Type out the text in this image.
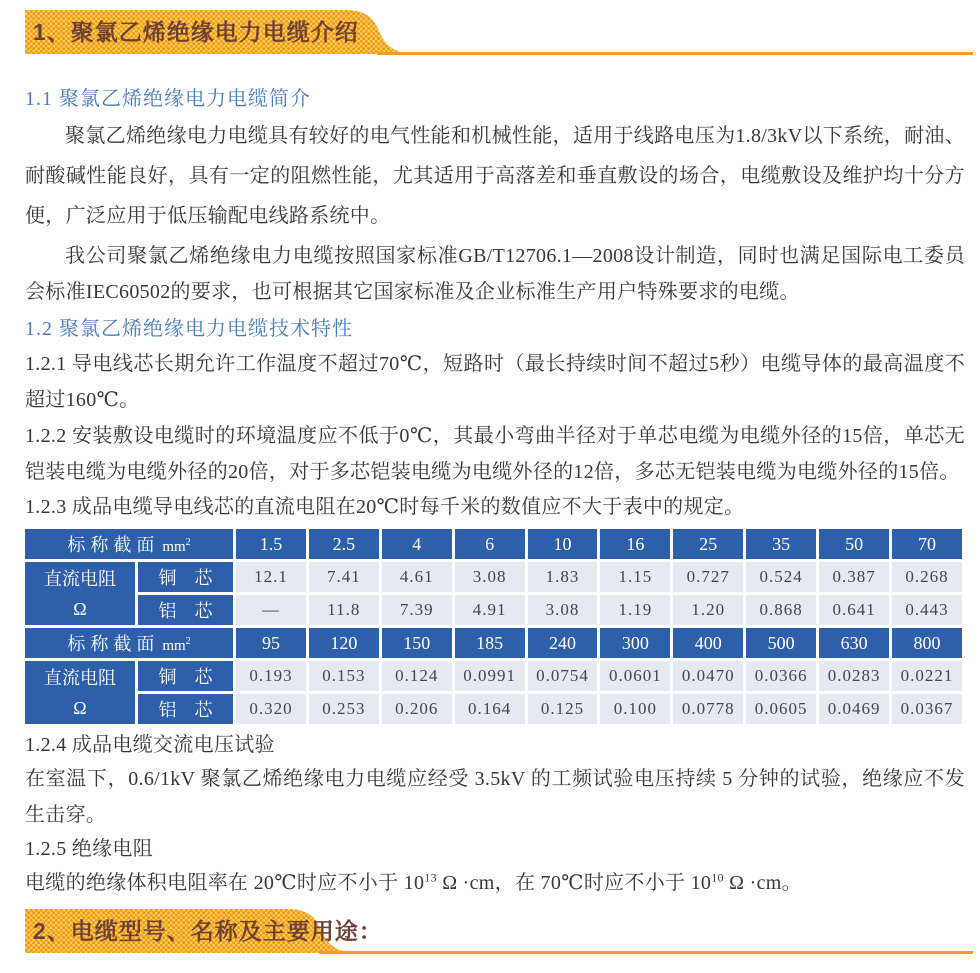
1、聚氯乙烯绝缘电力电缆介绍
1.1 聚氯乙烯绝缘电力电缆简介

聚氯乙烯绝缘电力电缆具有较好的电气性能和机械性能，适用于线路电压为1.8/3kV以下系统，耐油、耐酸碱性能良好，具有一定的阻燃性能，尤其适用于高落差和垂直敷设的场合，电缆敷设及维护均十分方便，广泛应用于低压输配电线路系统中。

我公司聚氯乙烯绝缘电力电缆按照国家标准GB/T12706.1—2008设计制造，同时也满足国际电工委员会标准IEC60502的要求，也可根据其它国家标准及企业标准生产用户特殊要求的电缆。

1.2 聚氯乙烯绝缘电力电缆技术特性

1.2.1 导电线芯长期允许工作温度不超过70℃，短路时（最长持续时间不超过5秒）电缆导体的最高温度不超过160℃。

1.2.2 安装敷设电缆时的环境温度应不低于0℃，其最小弯曲半径对于单芯电缆为电缆外径的15倍，单芯无铠装电缆为电缆外径的20倍，对于多芯铠装电缆为电缆外径的12倍，多芯无铠装电缆为电缆外径的15倍。

1.2.3 成品电缆导电线芯的直流电阻在20℃时每千米的数值应不大于表中的规定。

标称截面 $mm^2$		1.5	2.5	4	6	10	16	25	35	50	70

直流电阻
Ω	铜　芯	12.1	7.41	4.61	3.08	1.83	1.15	0.727	0.524	0.387	0.268
	铝　芯	—	11.8	7.39	4.91	3.08	1.19	1.20	0.868	0.641	0.443
标称截面 $mm^2$		95	120	150	185	240	300	400	500	630	800

直流电阻
Ω	铜　芯	0.193	0.153	0.124	0.0991	0.0754	0.0601	0.0470	0.0366	0.0283	0.0221
	铝　芯	0.320	0.253	0.206	0.164	0.125	0.100	0.0778	0.0605	0.0469	0.0367

1.2.4 成品电缆交流电压试验

在室温下，0.6/1kV 聚氯乙烯绝缘电力电缆应经受 3.5kV 的工频试验电压持续 5 分钟的试验，绝缘应不发生击穿。

1.2.5 绝缘电阻

电缆的绝缘体积电阻率在 20℃时应不小于 $10^{13}$ Ω ·cm，在 70℃时应不小于 $10^{10}$ Ω ·cm。

2、电缆型号、名称及主要用途：
